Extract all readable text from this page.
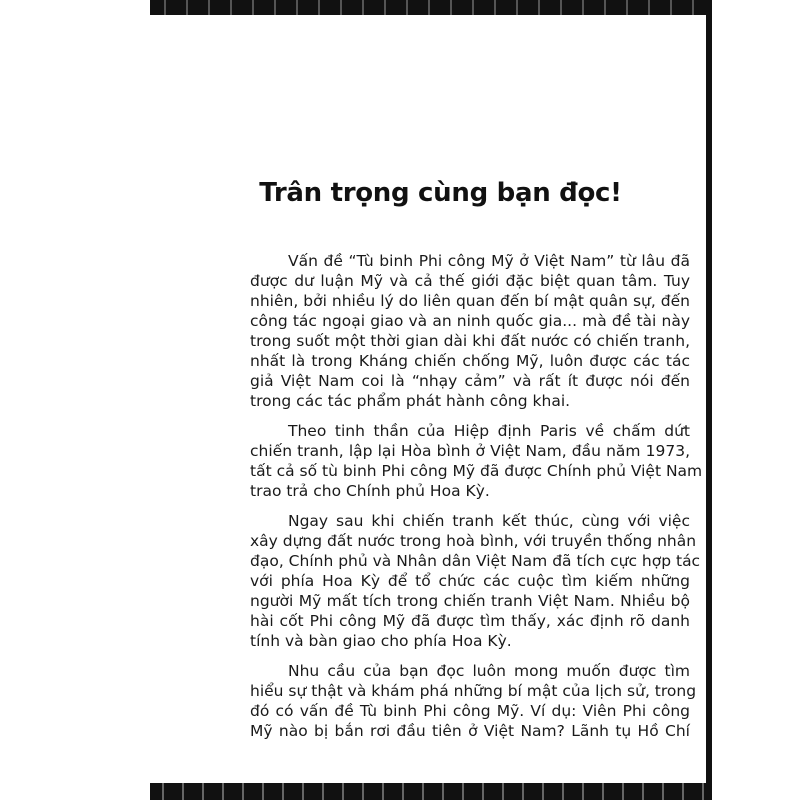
Trân trọng cùng bạn đọc!
Vấn đề “Tù binh Phi công Mỹ ở Việt Nam” từ lâu đã
được dư luận Mỹ và cả thế giới đặc biệt quan tâm. Tuy
nhiên, bởi nhiều lý do liên quan đến bí mật quân sự, đến
công tác ngoại giao và an ninh quốc gia... mà đề tài này
trong suốt một thời gian dài khi đất nước có chiến tranh,
nhất là trong Kháng chiến chống Mỹ, luôn được các tác
giả Việt Nam coi là “nhạy cảm” và rất ít được nói đến
trong các tác phẩm phát hành công khai.
Theo tinh thần của Hiệp định Paris về chấm dứt
chiến tranh, lập lại Hòa bình ở Việt Nam, đầu năm 1973,
tất cả số tù binh Phi công Mỹ đã được Chính phủ Việt Nam
trao trả cho Chính phủ Hoa Kỳ.
Ngay sau khi chiến tranh kết thúc, cùng với việc
xây dựng đất nước trong hoà bình, với truyền thống nhân
đạo, Chính phủ và Nhân dân Việt Nam đã tích cực hợp tác
với phía Hoa Kỳ để tổ chức các cuộc tìm kiếm những
người Mỹ mất tích trong chiến tranh Việt Nam. Nhiều bộ
hài cốt Phi công Mỹ đã được tìm thấy, xác định rõ danh
tính và bàn giao cho phía Hoa Kỳ.
Nhu cầu của bạn đọc luôn mong muốn được tìm
hiểu sự thật và khám phá những bí mật của lịch sử, trong
đó có vấn đề Tù binh Phi công Mỹ. Ví dụ: Viên Phi công
Mỹ nào bị bắn rơi đầu tiên ở Việt Nam? Lãnh tụ Hồ Chí
